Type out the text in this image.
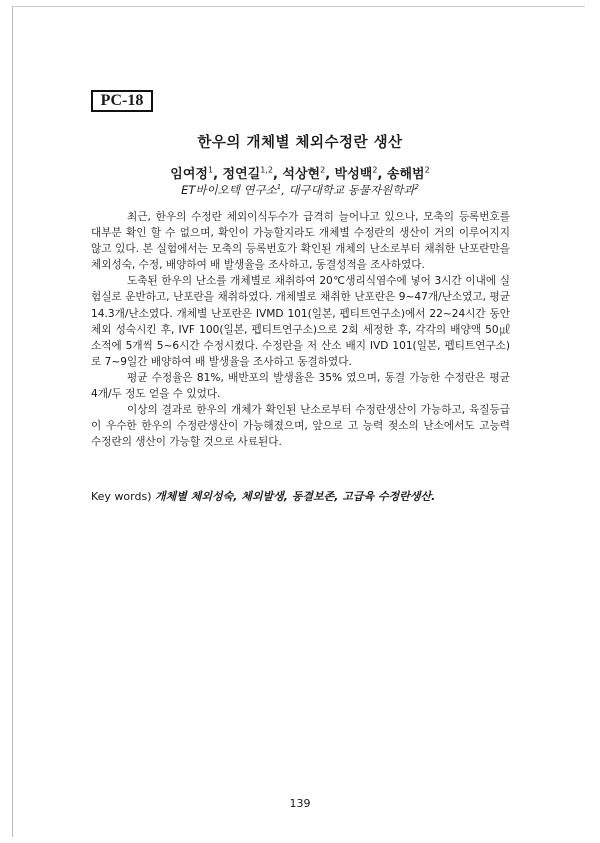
PC-18
한우의 개체별 체외수정란 생산
임여정$^1$, 정연길$^{1,2}$, 석상현$^2$, 박성백$^2$, 송해범$^2$
ET바이오텍 연구소$^1$, 대구대학교 동물자원학과$^2$

최근, 한우의 수정란 체외이식두수가 급격히 늘어나고 있으나, 모축의 등록번호를 대부분 확인 할 수 없으며, 확인이 가능할지라도 개체별 수정란의 생산이 거의 이루어지지 않고 있다. 본 실험에서는 모축의 등록번호가 확인된 개체의 난소로부터 채취한 난포란만을 체외성숙, 수정, 배양하여 배 발생율을 조사하고, 동결성적을 조사하였다.

도축된 한우의 난소를 개체별로 채취하여 20℃생리식염수에 넣어 3시간 이내에 실험실로 운반하고, 난포란을 채취하였다. 개체별로 채취한 난포란은 9~47개/난소였고, 평균 14.3개/난소였다. 개체별 난포란은 IVMD 101(일본, 펩티트연구소)에서 22~24시간 동안 체외 성숙시킨 후, IVF 100(일본, 펩티트연구소)으로 2회 세정한 후, 각각의 배양액 50㎕ 소적에 5개씩 5~6시간 수정시켰다. 수정란을 저 산소 배지 IVD 101(일본, 펩티트연구소)로 7~9일간 배양하여 배 발생율을 조사하고 동결하였다.

평균 수정율은 81%, 배반포의 발생율은 35% 였으며, 동결 가능한 수정란은 평균 4개/두 정도 얻을 수 있었다.

이상의 결과로 한우의 개체가 확인된 난소로부터 수정란생산이 가능하고, 육질등급이 우수한 한우의 수정란생산이 가능해졌으며, 앞으로 고 능력 젖소의 난소에서도 고능력 수정란의 생산이 가능할 것으로 사료된다.

Key words) 개체별 체외성숙, 체외발생, 동결보존, 고급육 수정란생산.
139
